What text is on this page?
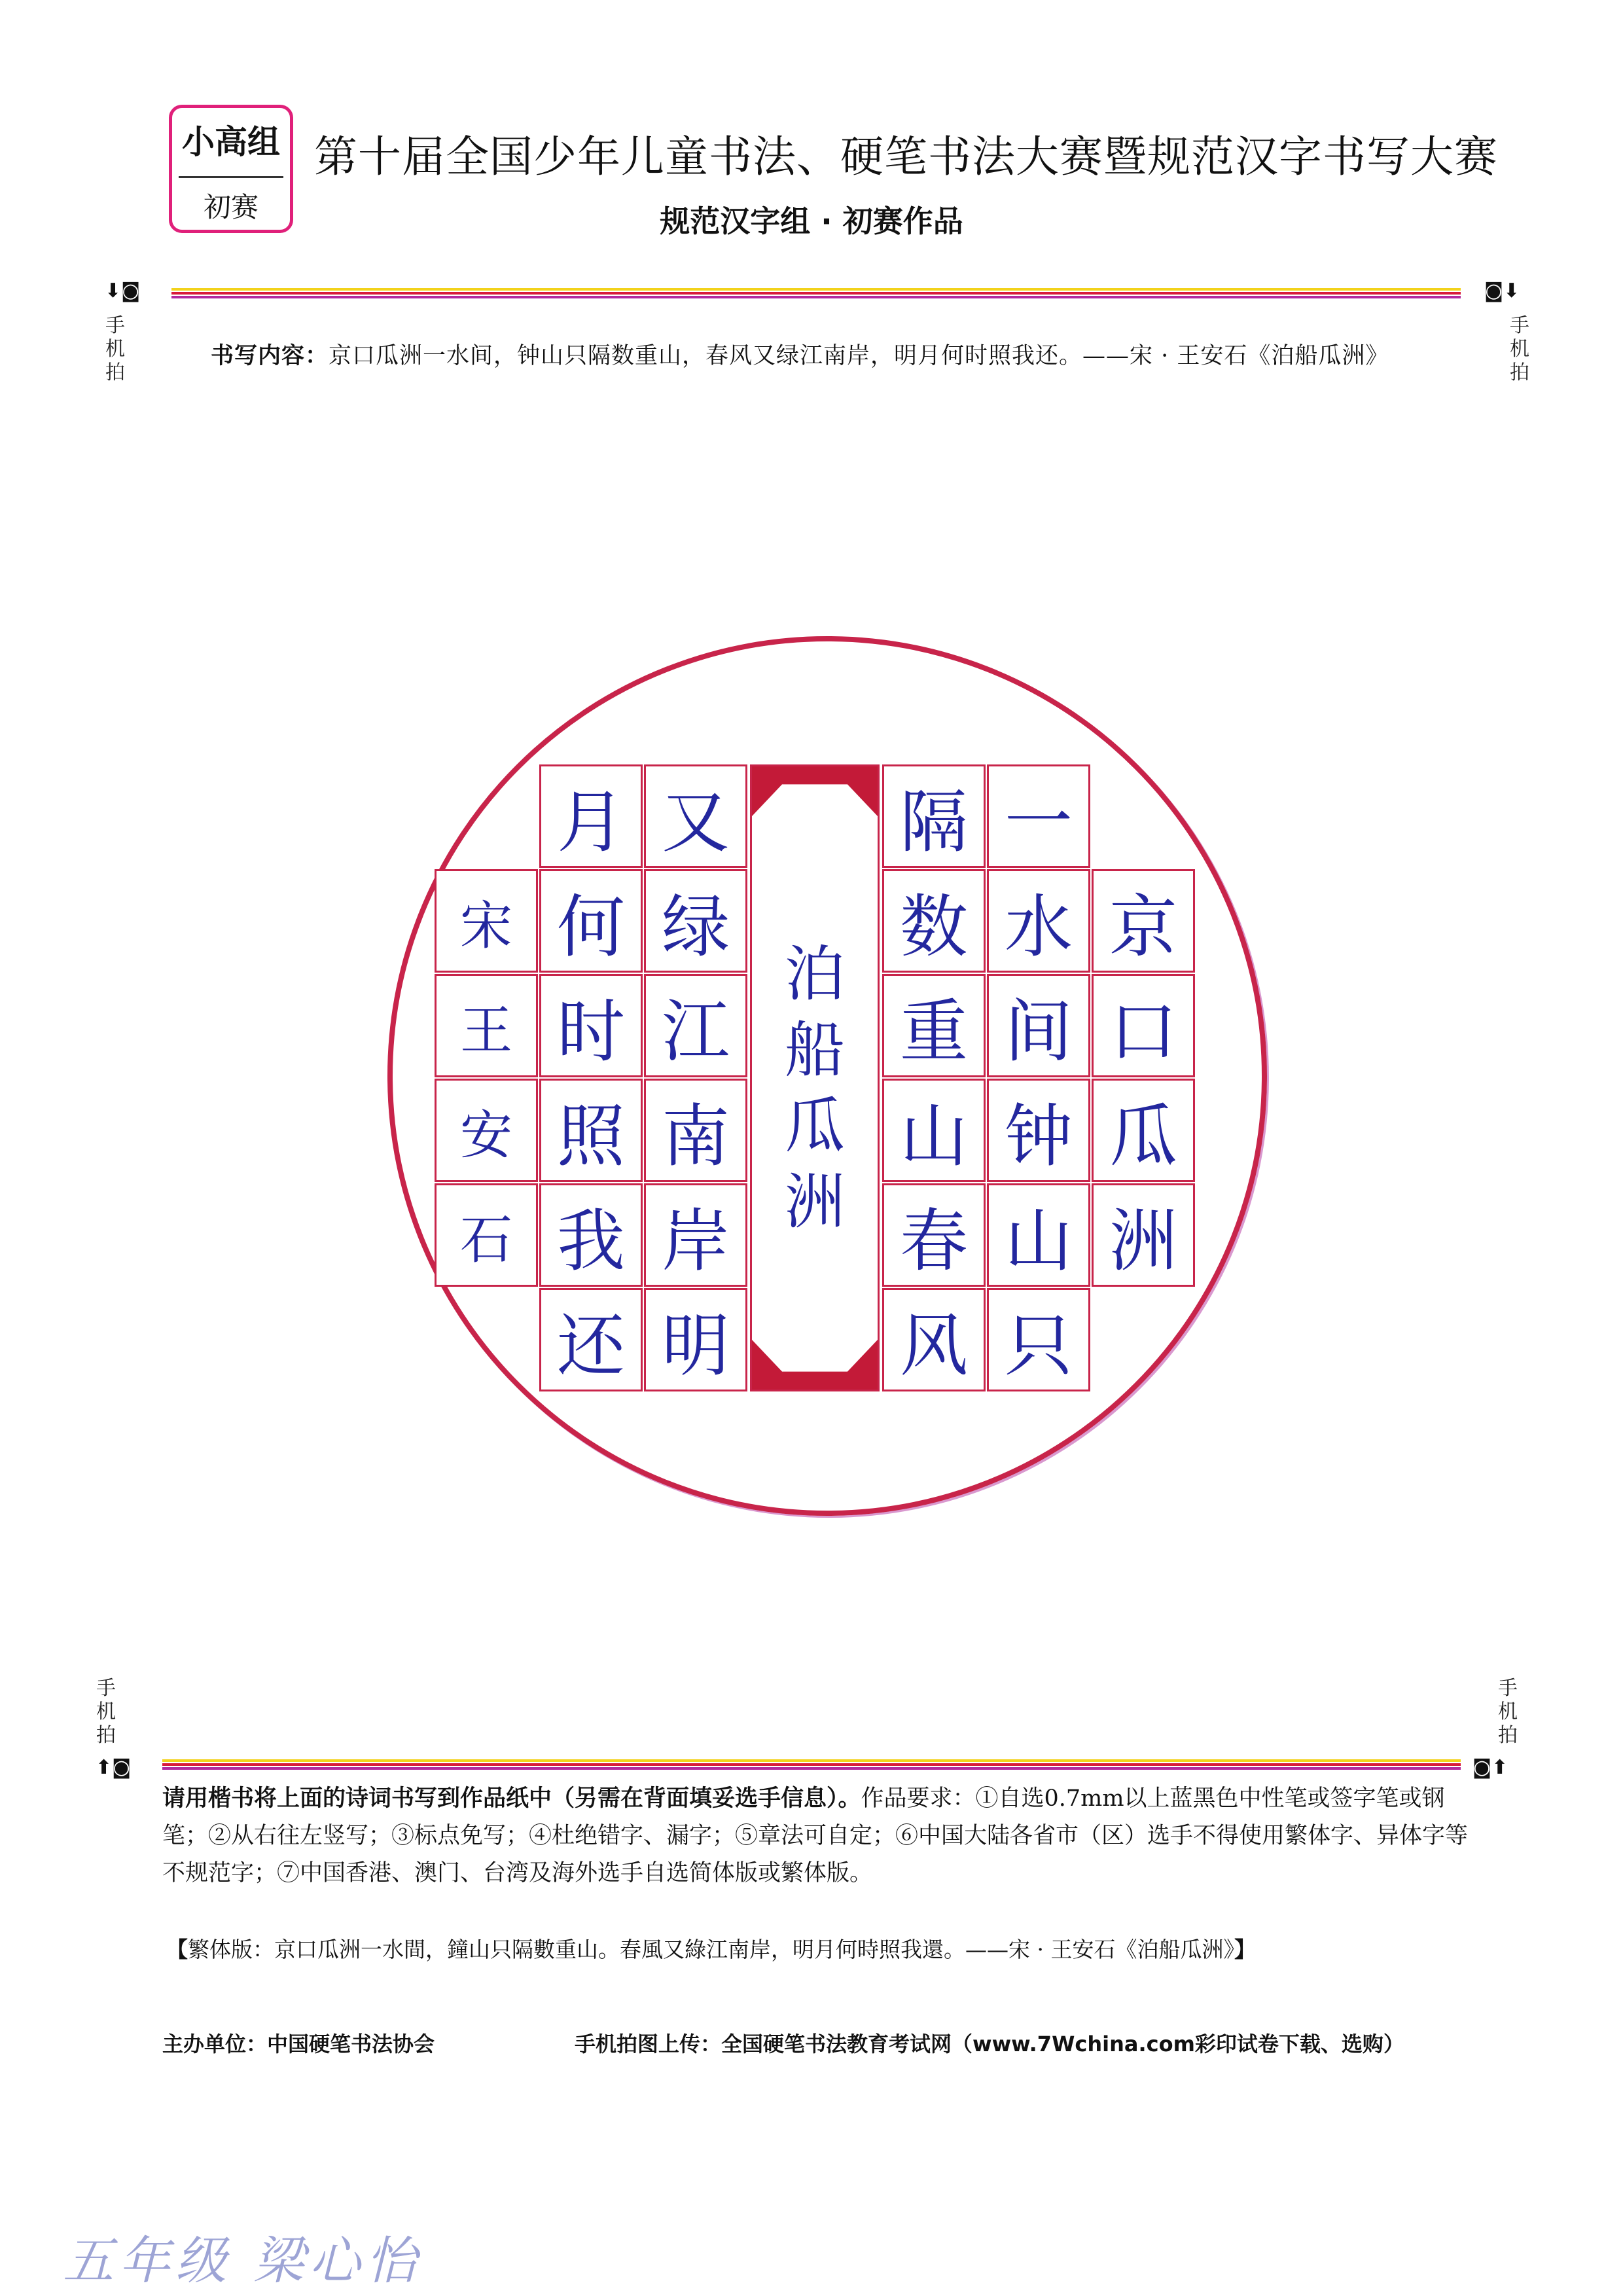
小高组
初赛
第十届全国少年儿童书法、硬笔书法大赛暨规范汉字书写大赛
规范汉字组 · 初赛作品
⬇◙
手
机
拍
◙⬇
手
机
拍
书写内容：京口瓜洲一水间，钟山只隔数重山，春风又绿江南岸，明月何时照我还。——宋 · 王安石《泊船瓜洲》
泊
船
瓜
洲
京
口
瓜
洲
一
水
间
钟
山
只
隔
数
重
山
春
风
又
绿
江
南
岸
明
月
何
时
照
我
还
宋
王
安
石
手
机
拍
⬆◙
手
机
拍
◙⬆
请用楷书将上面的诗词书写到作品纸中（另需在背面填妥选手信息）。作品要求：①自选0.7mm以上蓝黑色中性笔或签字笔或钢笔；②从右往左竖写；③标点免写；④杜绝错字、漏字；⑤章法可自定；⑥中国大陆各省市（区）选手不得使用繁体字、异体字等不规范字；⑦中国香港、澳门、台湾及海外选手自选简体版或繁体版。
【繁体版：京口瓜洲一水間，鐘山只隔數重山。春風又綠江南岸，明月何時照我還。——宋 · 王安石《泊船瓜洲》】
主办单位：中国硬笔书法协会	手机拍图上传：全国硬笔书法教育考试网（www.7Wchina.com彩印试卷下载、选购）
五年级 梁心怡
